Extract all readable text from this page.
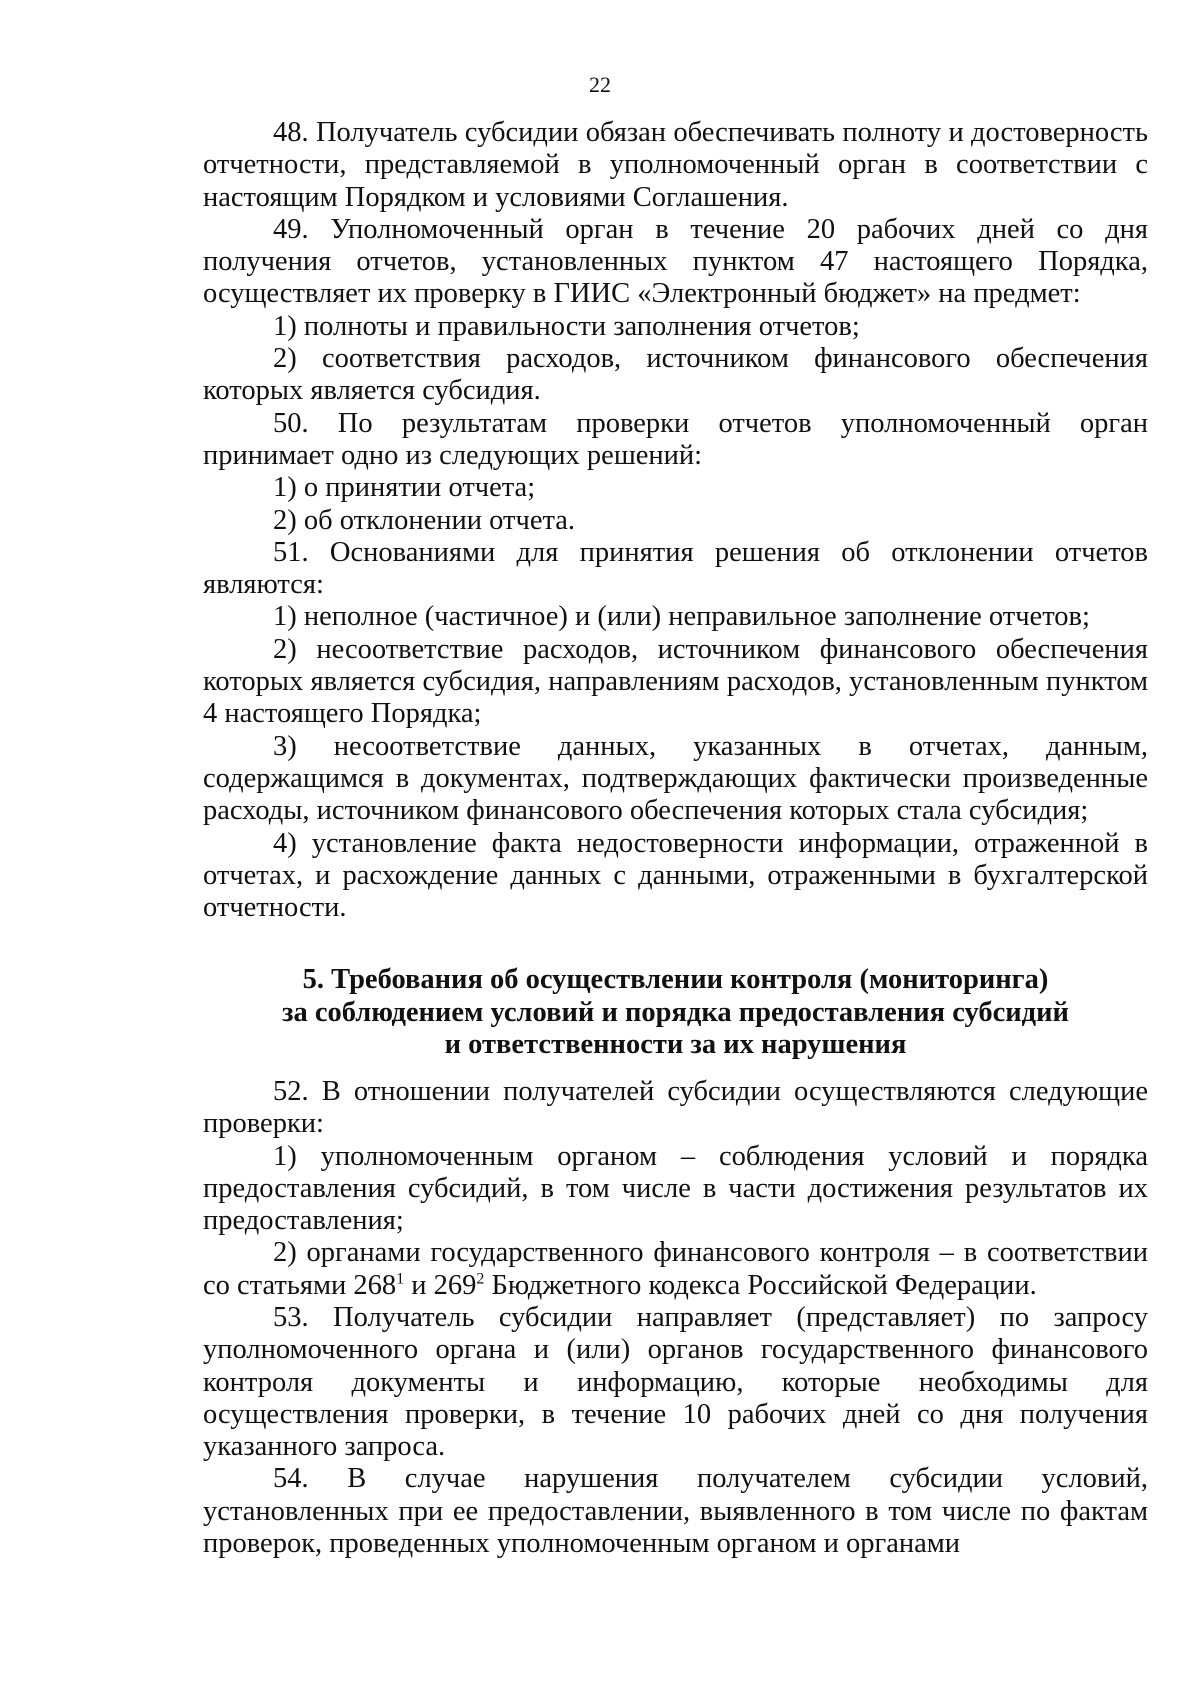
22

48. Получатель субсидии обязан обеспечивать полноту и достоверность отчетности, представляемой в уполномоченный орган в соответствии с настоящим Порядком и условиями Соглашения.

49. Уполномоченный орган в течение 20 рабочих дней со дня получения отчетов, установленных пунктом 47 настоящего Порядка, осуществляет их проверку в ГИИС «Электронный бюджет» на предмет:

1) полноты и правильности заполнения отчетов;

2) соответствия расходов, источником финансового обеспечения которых является субсидия.

50. По результатам проверки отчетов уполномоченный орган принимает одно из следующих решений:

1) о принятии отчета;

2) об отклонении отчета.

51. Основаниями для принятия решения об отклонении отчетов являются:

1) неполное (частичное) и (или) неправильное заполнение отчетов;

2) несоответствие расходов, источником финансового обеспечения которых является субсидия, направлениям расходов, установленным пунктом 4 настоящего Порядка;

3) несоответствие данных, указанных в отчетах, данным, содержащимся в документах, подтверждающих фактически произведенные расходы, источником финансового обеспечения которых стала субсидия;

4) установление факта недостоверности информации, отраженной в отчетах, и расхождение данных с данными, отраженными в бухгалтерской отчетности.

5. Требования об осуществлении контроля (мониторинга)
за соблюдением условий и порядка предоставления субсидий
и ответственности за их нарушения

52. В отношении получателей субсидии осуществляются следующие проверки:

1) уполномоченным органом – соблюдения условий и порядка предоставления субсидий, в том числе в части достижения результатов их предоставления;

2) органами государственного финансового контроля – в соответствии со статьями $268^1$ и $269^2$ Бюджетного кодекса Российской Федерации.

53. Получатель субсидии направляет (представляет) по запросу уполномоченного органа и (или) органов государственного финансового контроля документы и информацию, которые необходимы для осуществления проверки, в течение 10 рабочих дней со дня получения указанного запроса.

54. В случае нарушения получателем субсидии условий, установленных при ее предоставлении, выявленного в том числе по фактам проверок, проведенных уполномоченным органом и органами
